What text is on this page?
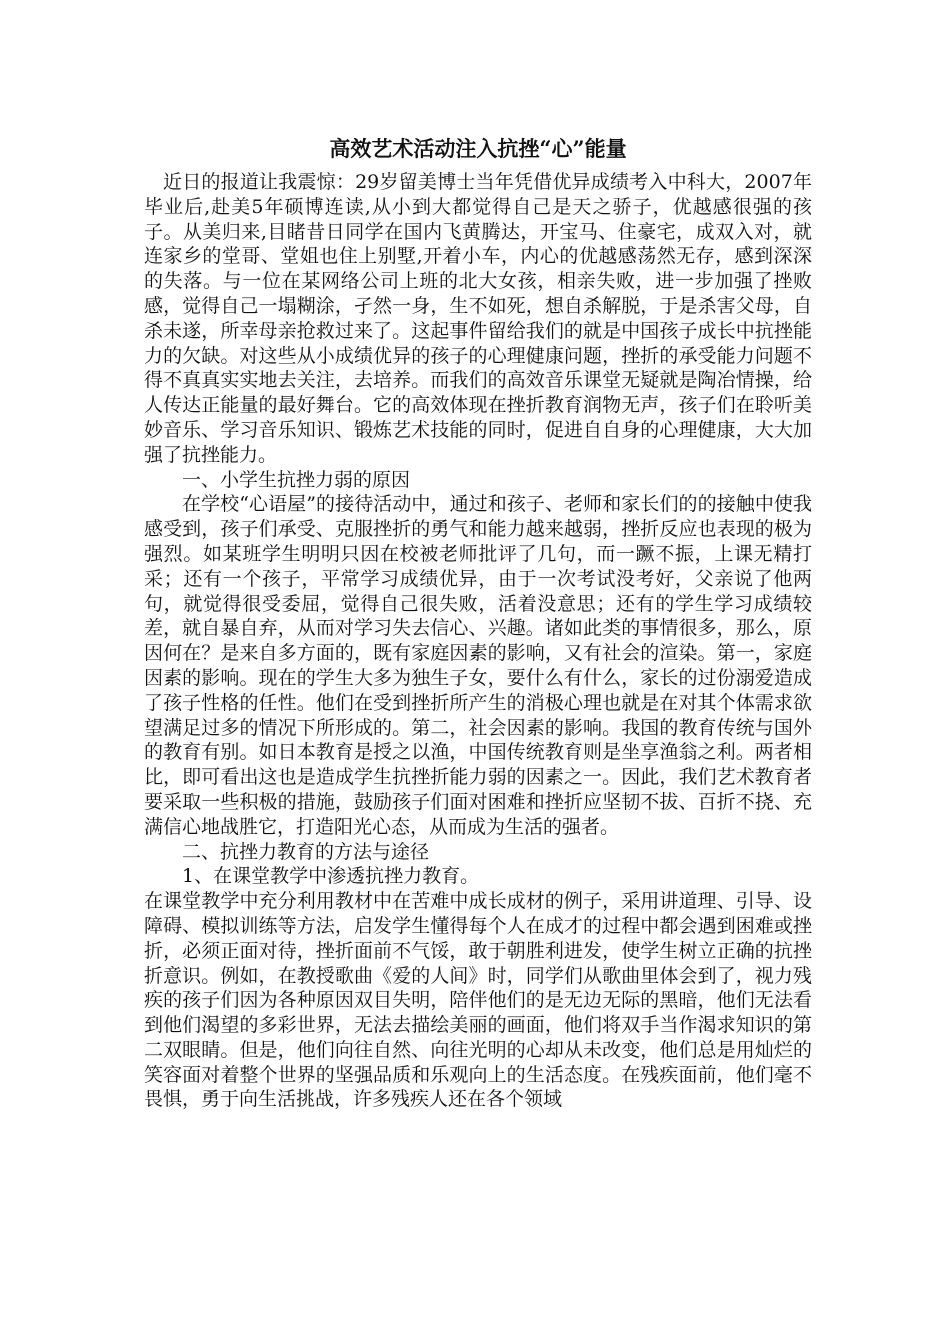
高效艺术活动注入抗挫“心”能量

近日的报道让我震惊：29岁留美博士当年凭借优异成绩考入中科大，2007年毕业后,赴美5年硕博连读,从小到大都觉得自己是天之骄子，优越感很强的孩子。从美归来,目睹昔日同学在国内飞黄腾达，开宝马、住豪宅，成双入对，就连家乡的堂哥、堂姐也住上别墅,开着小车，内心的优越感荡然无存，感到深深的失落。与一位在某网络公司上班的北大女孩，相亲失败，进一步加强了挫败感，觉得自己一塌糊涂，孑然一身，生不如死，想自杀解脱，于是杀害父母，自杀未遂，所幸母亲抢救过来了。这起事件留给我们的就是中国孩子成长中抗挫能力的欠缺。对这些从小成绩优异的孩子的心理健康问题，挫折的承受能力问题不得不真真实实地去关注，去培养。而我们的高效音乐课堂无疑就是陶冶情操，给人传达正能量的最好舞台。它的高效体现在挫折教育润物无声，孩子们在聆听美妙音乐、学习音乐知识、锻炼艺术技能的同时，促进自自身的心理健康，大大加强了抗挫能力。

一、小学生抗挫力弱的原因

在学校“心语屋”的接待活动中，通过和孩子、老师和家长们的的接触中使我感受到，孩子们承受、克服挫折的勇气和能力越来越弱，挫折反应也表现的极为强烈。如某班学生明明只因在校被老师批评了几句，而一蹶不振，上课无精打采；还有一个孩子，平常学习成绩优异，由于一次考试没考好，父亲说了他两句，就觉得很受委屈，觉得自己很失败，活着没意思；还有的学生学习成绩较差，就自暴自弃，从而对学习失去信心、兴趣。诸如此类的事情很多，那么，原因何在？是来自多方面的，既有家庭因素的影响，又有社会的渲染。第一，家庭因素的影响。现在的学生大多为独生子女，要什么有什么，家长的过份溺爱造成了孩子性格的任性。他们在受到挫折所产生的消极心理也就是在对其个体需求欲望满足过多的情况下所形成的。第二，社会因素的影响。我国的教育传统与国外的教育有别。如日本教育是授之以渔，中国传统教育则是坐享渔翁之利。两者相比，即可看出这也是造成学生抗挫折能力弱的因素之一。因此，我们艺术教育者要采取一些积极的措施，鼓励孩子们面对困难和挫折应坚韧不拔、百折不挠、充满信心地战胜它，打造阳光心态，从而成为生活的强者。

二、抗挫力教育的方法与途径

1、在课堂教学中渗透抗挫力教育。

在课堂教学中充分利用教材中在苦难中成长成材的例子，采用讲道理、引导、设障碍、模拟训练等方法，启发学生懂得每个人在成才的过程中都会遇到困难或挫折，必须正面对待，挫折面前不气馁，敢于朝胜利进发，使学生树立正确的抗挫折意识。例如，在教授歌曲《爱的人间》时，同学们从歌曲里体会到了，视力残疾的孩子们因为各种原因双目失明，陪伴他们的是无边无际的黑暗，他们无法看到他们渴望的多彩世界，无法去描绘美丽的画面，他们将双手当作渴求知识的第二双眼睛。但是，他们向往自然、向往光明的心却从未改变，他们总是用灿烂的笑容面对着整个世界的坚强品质和乐观向上的生活态度。在残疾面前，他们毫不畏惧，勇于向生活挑战，许多残疾人还在各个领域
